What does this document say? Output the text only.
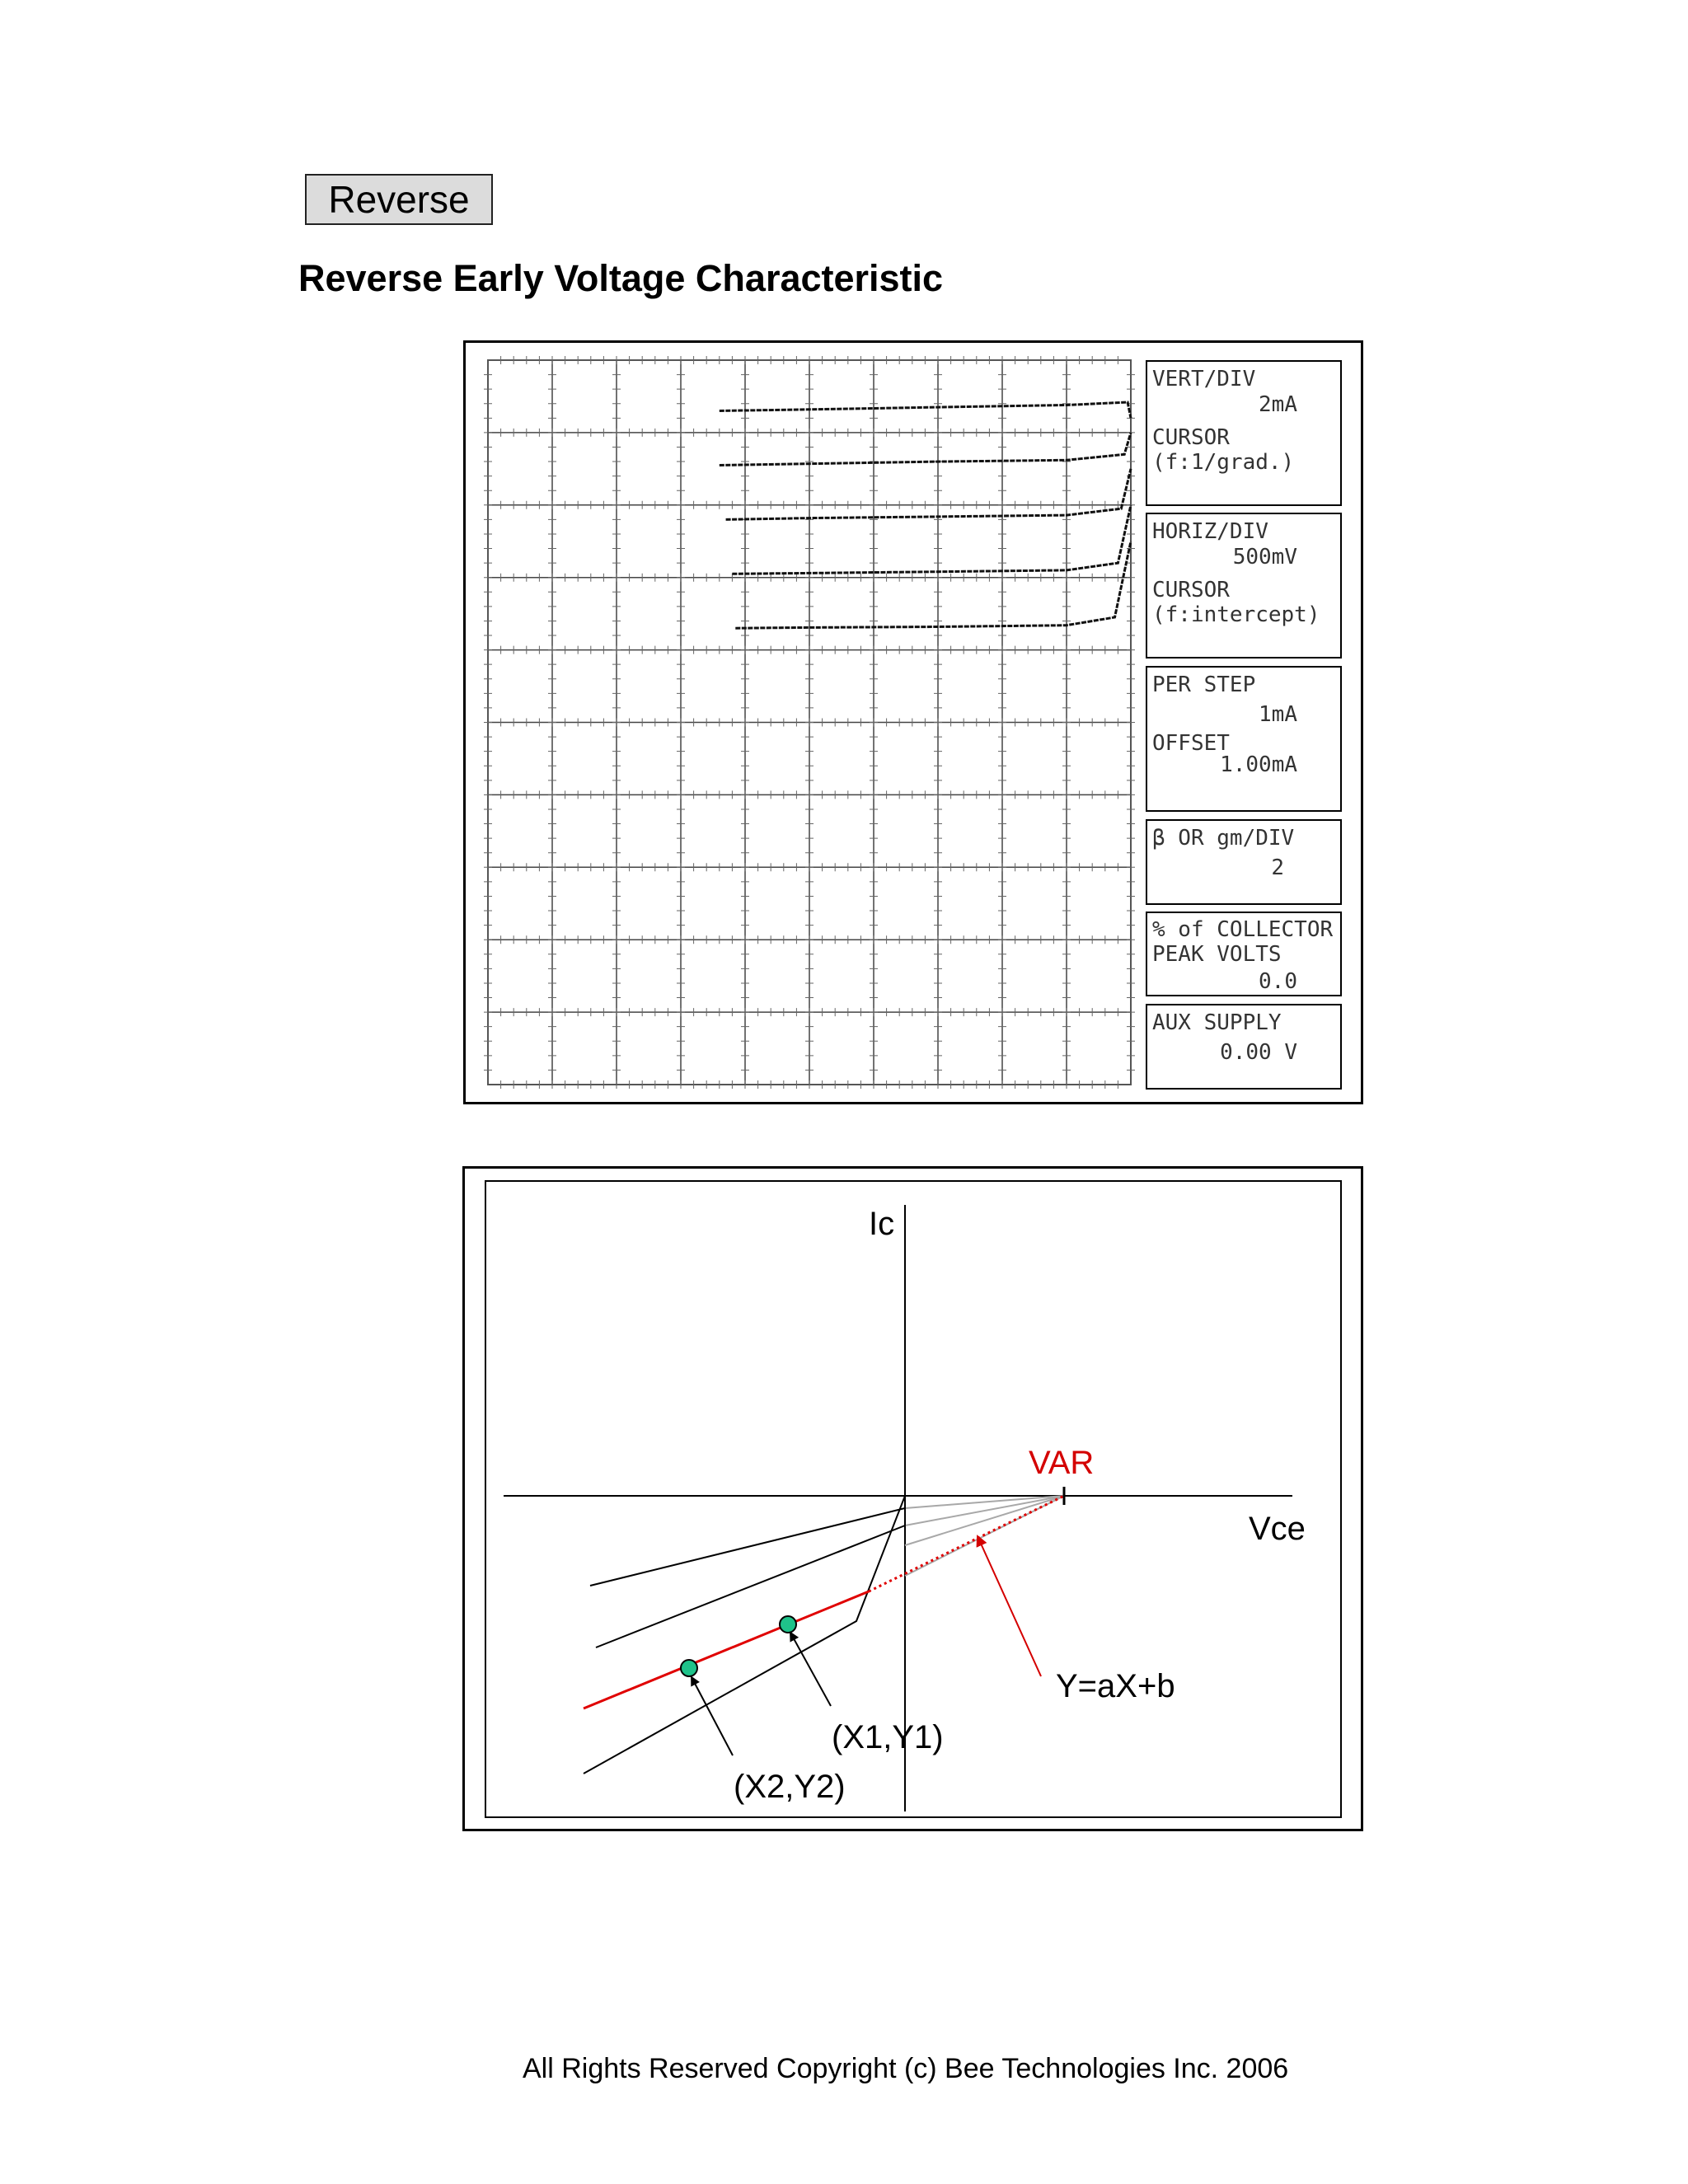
Reverse
Reverse Early Voltage Characteristic
VERT/DIV
2mA
CURSOR
(f:1/grad.)
HORIZ/DIV
500mV
CURSOR
(f:intercept)
PER STEP
1mA
OFFSET
1.00mA
β OR gm/DIV
2
% of COLLECTOR
PEAK VOLTS
0.0
AUX SUPPLY
0.00 V
Ic
Vce
VAR
Y=aX+b
(X1,Y1)
(X2,Y2)
All Rights Reserved Copyright (c) Bee Technologies Inc. 2006
